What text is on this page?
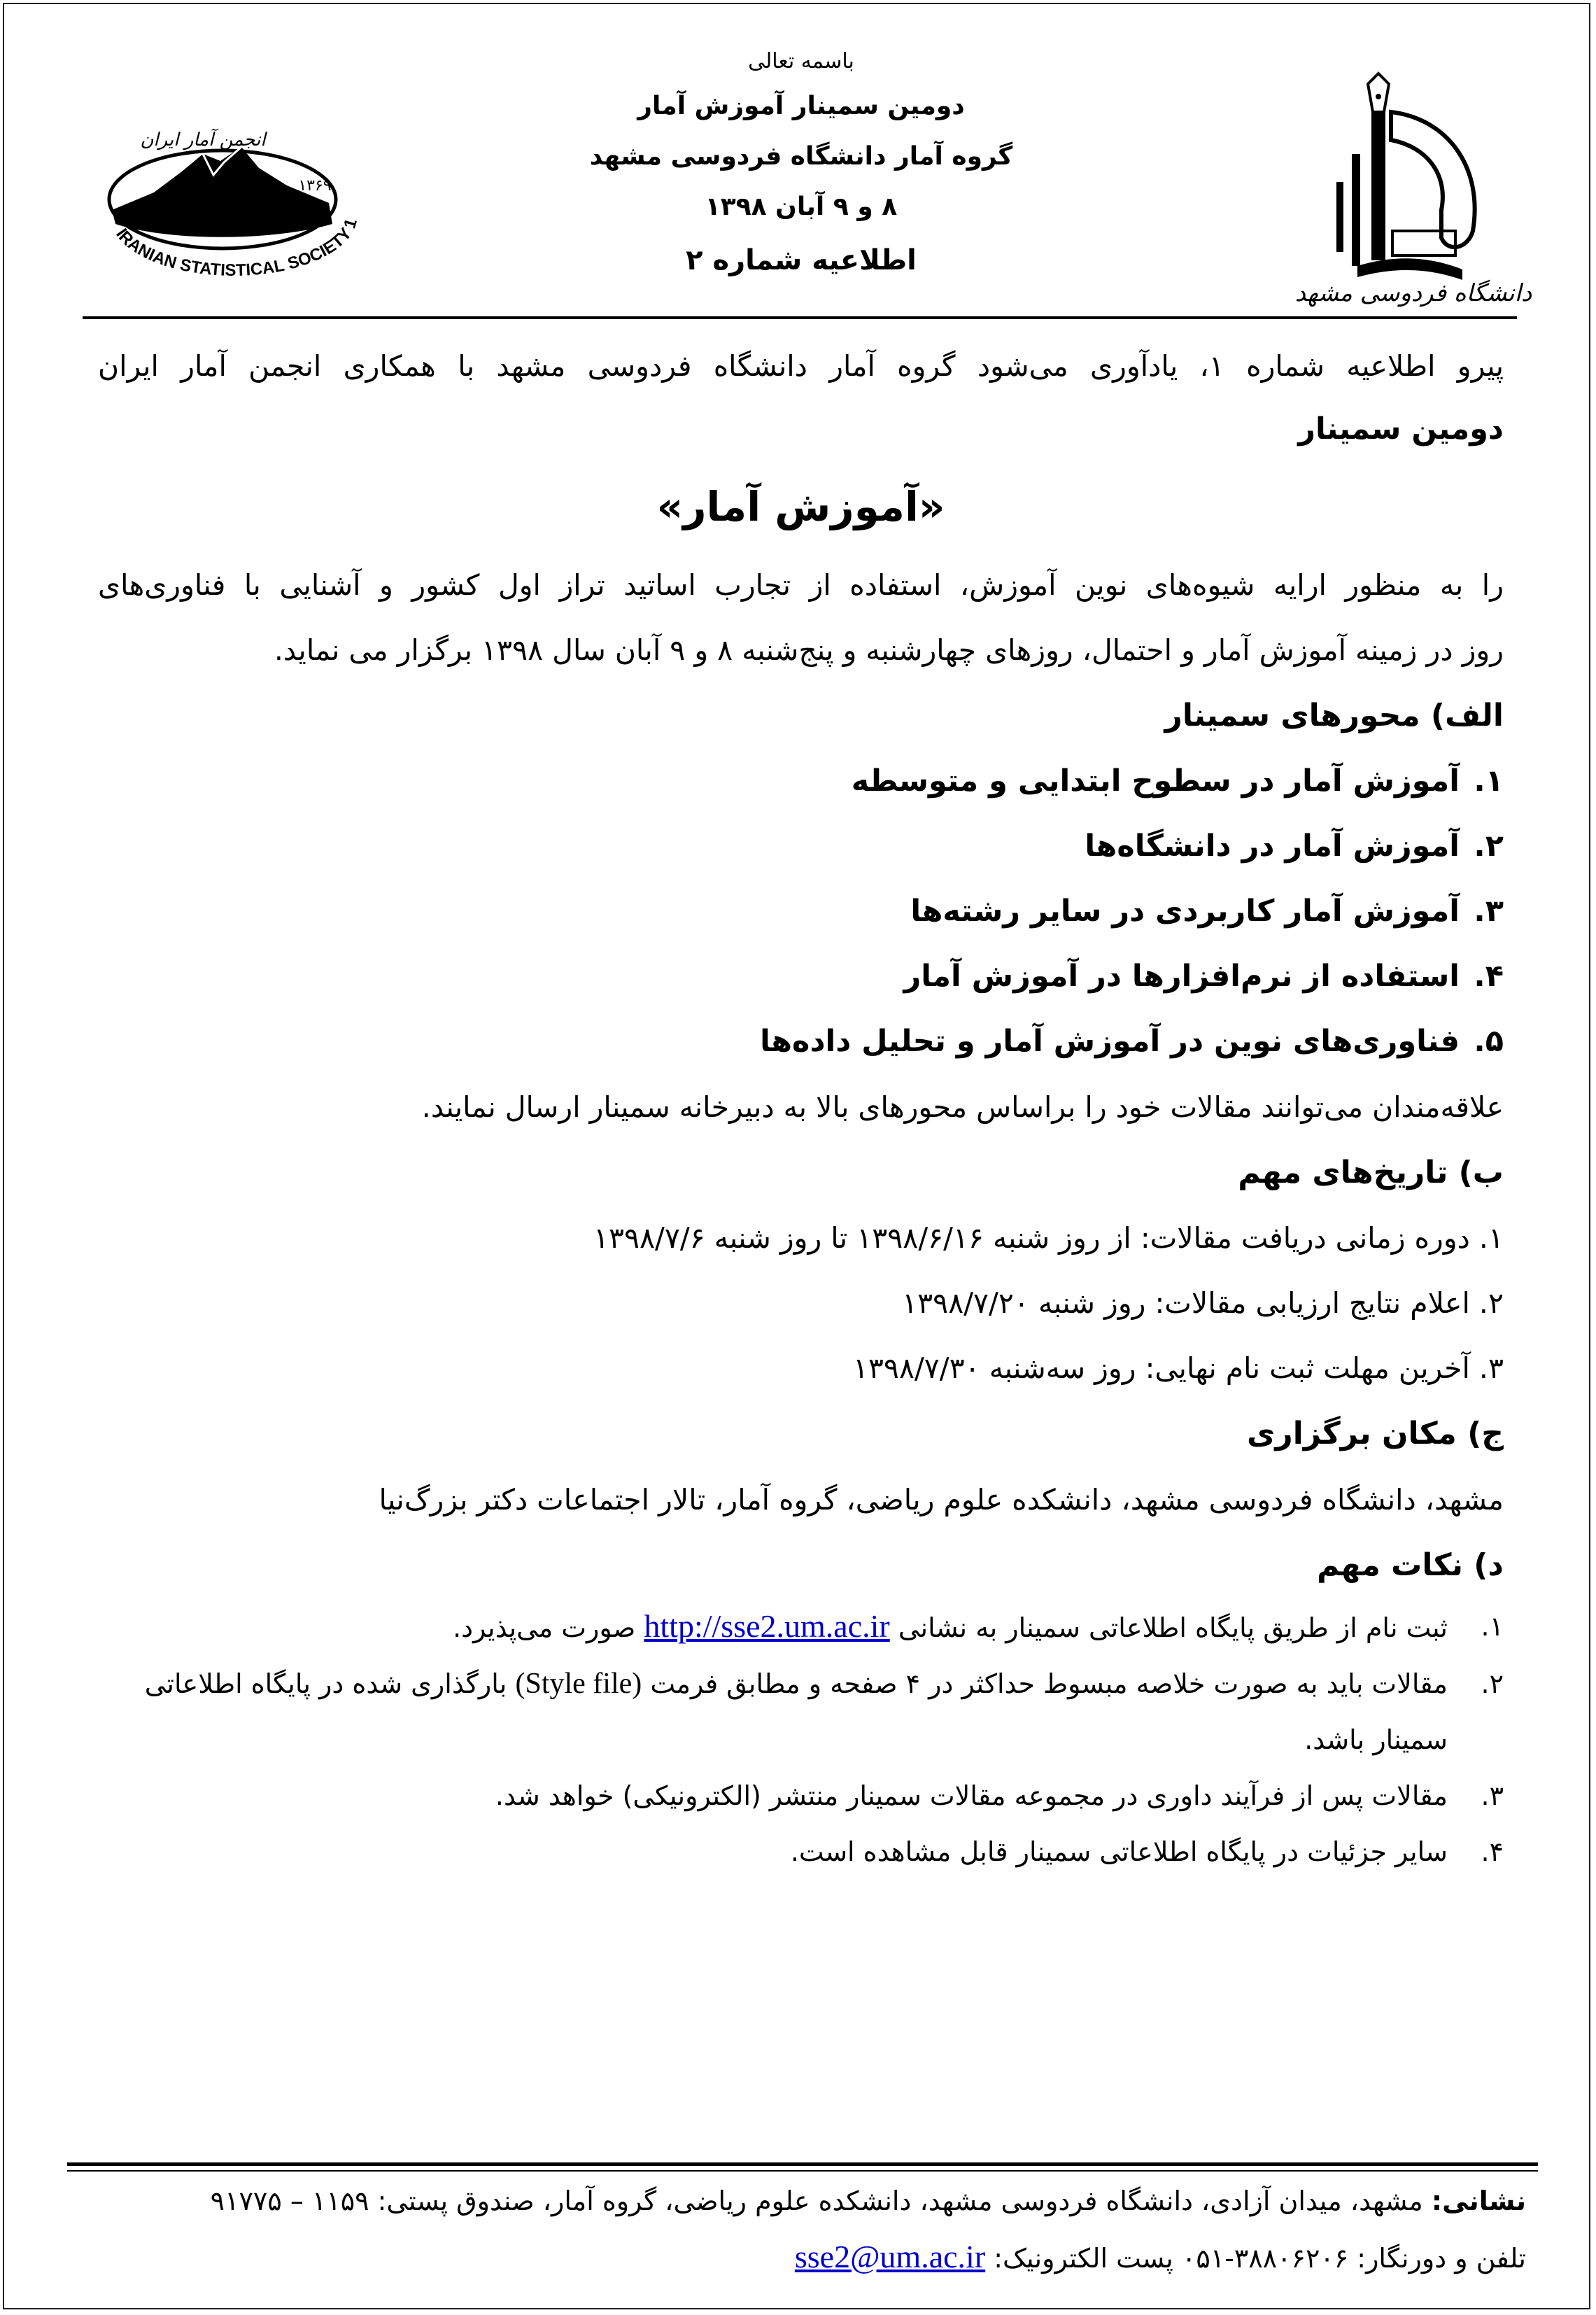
دانشگاه فردوسی مشهد
IRANIAN STATISTICAL SOCIETY 1
انجمن آمار ایران
۱۳۶۹
باسمه تعالی
دومین سمینار آموزش آمار
گروه آمار دانشگاه فردوسی مشهد
۸ و ۹ آبان ۱۳۹۸
اطلاعیه شماره ۲

پیرو اطلاعیه شماره ۱، یادآوری می‌شود گروه آمار دانشگاه فردوسی مشهد با همکاری انجمن آمار ایران

دومین سمینار

«آموزش آمار»

را به منظور ارایه شیوه‌های نوین آموزش، استفاده از تجارب اساتید تراز اول کشور و آشنایی با فناوری‌های
روز در زمینه آموزش آمار و احتمال، روزهای چهارشنبه و پنج‌شنبه ۸ و ۹ آبان سال ۱۳۹۸ برگزار می نماید.

الف) محورهای سمینار

۱. آموزش آمار در سطوح ابتدایی و متوسطه

۲. آموزش آمار در دانشگاه‌ها

۳. آموزش آمار کاربردی در سایر رشته‌ها

۴. استفاده از نرم‌افزارها در آموزش آمار

۵. فناوری‌های نوین در آموزش آمار و تحلیل داده‌ها

علاقه‌مندان می‌توانند مقالات خود را براساس محورهای بالا به دبیرخانه سمینار ارسال نمایند.

ب) تاریخ‌های مهم

۱. دوره زمانی دریافت مقالات: از روز شنبه ۱۳۹۸/۶/۱۶ تا روز شنبه ۱۳۹۸/۷/۶

۲. اعلام نتایج ارزیابی مقالات: روز شنبه ۱۳۹۸/۷/۲۰

۳. آخرین مهلت ثبت نام نهایی: روز سه‌شنبه ۱۳۹۸/۷/۳۰

ج) مکان برگزاری

مشهد، دانشگاه فردوسی مشهد، دانشکده علوم ریاضی، گروه آمار، تالار اجتماعات دکتر بزرگ‌نیا

د) نکات مهم

۱.
ثبت نام از طریق پایگاه اطلاعاتی سمینار به نشانی http://sse2.um.ac.ir صورت می‌پذیرد.
۲.
مقالات باید به صورت خلاصه مبسوط حداکثر در ۴ صفحه و مطابق فرمت (Style file) بارگذاری شده در پایگاه اطلاعاتی سمینار باشد.
۳.
مقالات پس از فرآیند داوری در مجموعه مقالات سمینار منتشر (الکترونیکی) خواهد شد.
۴.
سایر جزئیات در پایگاه اطلاعاتی سمینار قابل مشاهده است.
نشانی: مشهد، میدان آزادی، دانشگاه فردوسی مشهد، دانشکده علوم ریاضی، گروه آمار، صندوق پستی: ۱۱۵۹ – ۹۱۷۷۵
تلفن و دورنگار: ۳۸۸۰۶۲۰۶-۰۵۱ پست الکترونیک: sse2@um.ac.ir
